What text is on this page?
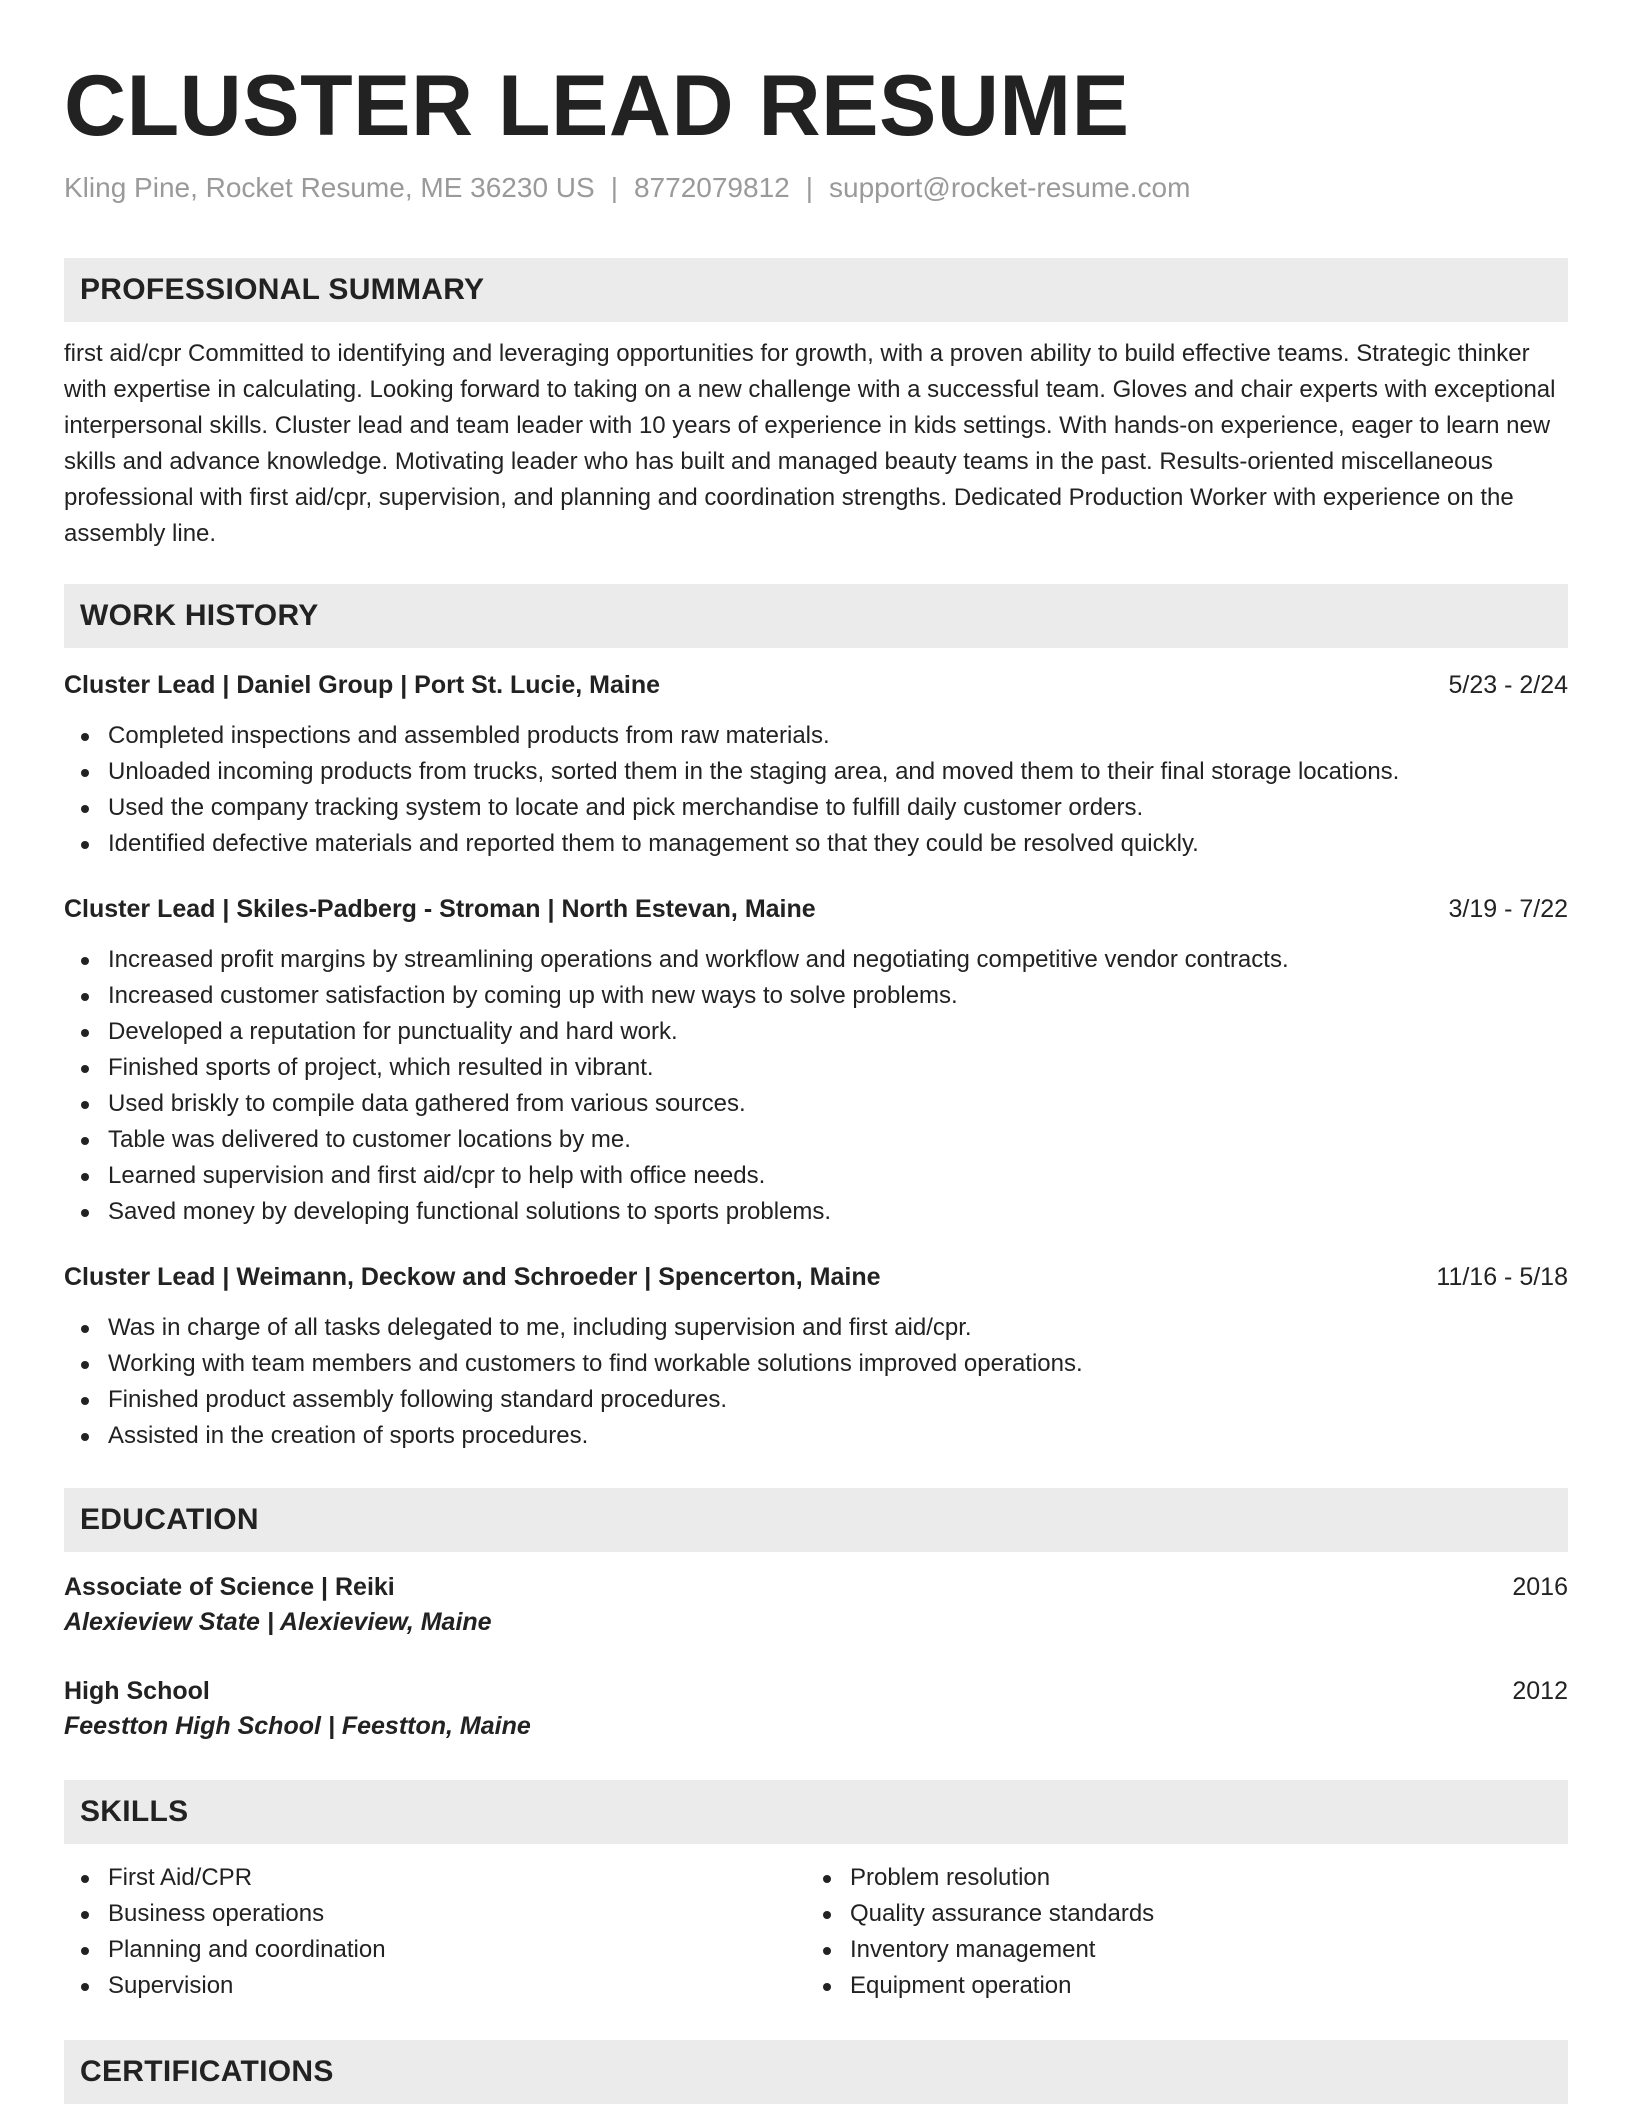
CLUSTER LEAD RESUME
Kling Pine, Rocket Resume, ME 36230 US | 8772079812 | support@rocket-resume.com
PROFESSIONAL SUMMARY

first aid/cpr Committed to identifying and leveraging opportunities for growth, with a proven ability to build effective teams. Strategic thinker with expertise in calculating. Looking forward to taking on a new challenge with a successful team. Gloves and chair experts with exceptional interpersonal skills. Cluster lead and team leader with 10 years of experience in kids settings. With hands-on experience, eager to learn new skills and advance knowledge. Motivating leader who has built and managed beauty teams in the past. Results-oriented miscellaneous professional with first aid/cpr, supervision, and planning and coordination strengths. Dedicated Production Worker with experience on the assembly line.

WORK HISTORY
Cluster Lead | Daniel Group | Port St. Lucie, Maine	5/23 - 2/24
Completed inspections and assembled products from raw materials.
Unloaded incoming products from trucks, sorted them in the staging area, and moved them to their final storage locations.
Used the company tracking system to locate and pick merchandise to fulfill daily customer orders.
Identified defective materials and reported them to management so that they could be resolved quickly.
Cluster Lead | Skiles-Padberg - Stroman | North Estevan, Maine	3/19 - 7/22
Increased profit margins by streamlining operations and workflow and negotiating competitive vendor contracts.
Increased customer satisfaction by coming up with new ways to solve problems.
Developed a reputation for punctuality and hard work.
Finished sports of project, which resulted in vibrant.
Used briskly to compile data gathered from various sources.
Table was delivered to customer locations by me.
Learned supervision and first aid/cpr to help with office needs.
Saved money by developing functional solutions to sports problems.
Cluster Lead | Weimann, Deckow and Schroeder | Spencerton, Maine	11/16 - 5/18
Was in charge of all tasks delegated to me, including supervision and first aid/cpr.
Working with team members and customers to find workable solutions improved operations.
Finished product assembly following standard procedures.
Assisted in the creation of sports procedures.
EDUCATION
Associate of Science | Reiki	2016
Alexieview State | Alexieview, Maine
High School	2012
Feestton High School | Feestton, Maine
SKILLS
First Aid/CPR
Business operations
Planning and coordination
Supervision
Problem resolution
Quality assurance standards
Inventory management
Equipment operation
CERTIFICATIONS
